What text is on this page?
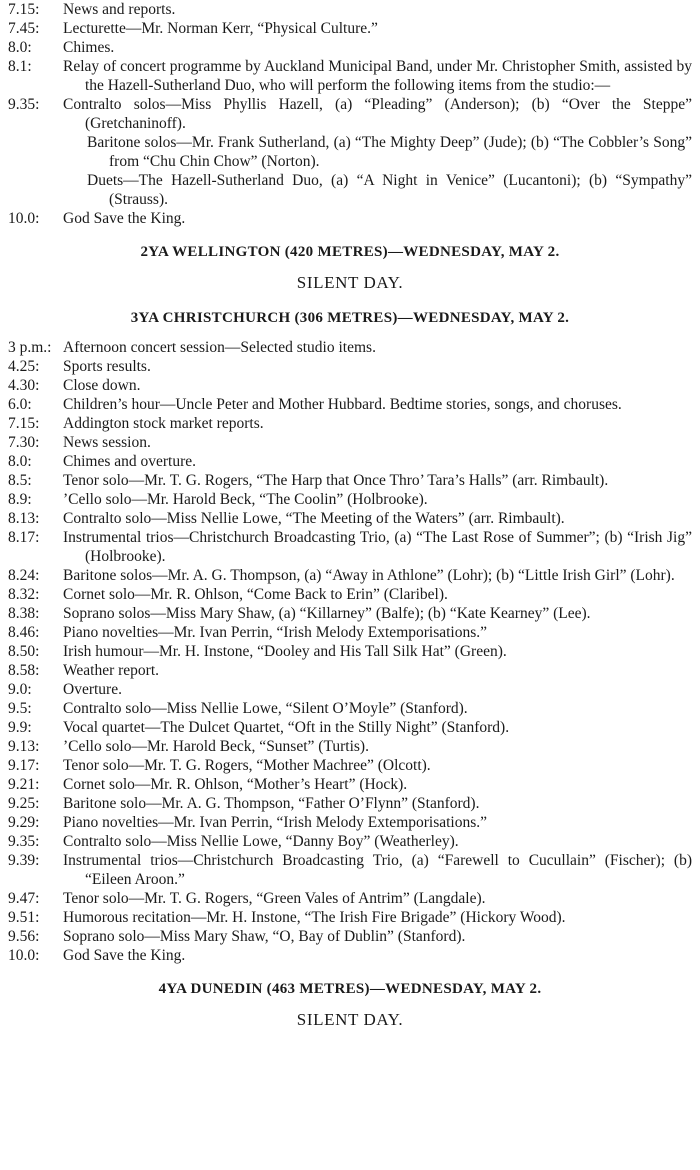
7.15:	News and reports.
7.45:	Lecturette—Mr. Norman Kerr, “Physical Culture.”
8.0:	Chimes.
8.1:	Relay of concert programme by Auckland Municipal Band, under Mr. Christopher Smith, assisted by the Hazell-Sutherland Duo, who will perform the following items from the studio:—
9.35:	Contralto solos—Miss Phyllis Hazell, (a) “Pleading” (Anderson); (b) “Over the Steppe” (Gretchaninoff).
Baritone solos—Mr. Frank Sutherland, (a) “The Mighty Deep” (Jude); (b) “The Cobbler’s Song” from “Chu Chin Chow” (Norton).
Duets—The Hazell-Sutherland Duo, (a) “A Night in Venice” (Lucantoni); (b) “Sympathy” (Strauss).
10.0:	God Save the King.
2YA WELLINGTON (420 METRES)—WEDNESDAY, MAY 2.
SILENT DAY.
3YA CHRISTCHURCH (306 METRES)—WEDNESDAY, MAY 2.
3 p.m.: Afternoon concert session—Selected studio items.
4.25:	Sports results.
4.30:	Close down.
6.0:	Children’s hour—Uncle Peter and Mother Hubbard. Bedtime stories, songs, and choruses.
7.15:	Addington stock market reports.
7.30:	News session.
8.0:	Chimes and overture.
8.5:	Tenor solo—Mr. T. G. Rogers, “The Harp that Once Thro’ Tara’s Halls” (arr. Rimbault).
8.9:	’Cello solo—Mr. Harold Beck, “The Coolin” (Holbrooke).
8.13:	Contralto solo—Miss Nellie Lowe, “The Meeting of the Waters” (arr. Rimbault).
8.17:	Instrumental trios—Christchurch Broadcasting Trio, (a) “The Last Rose of Summer”; (b) “Irish Jig” (Holbrooke).
8.24:	Baritone solos—Mr. A. G. Thompson, (a) “Away in Athlone” (Lohr); (b) “Little Irish Girl” (Lohr).
8.32:	Cornet solo—Mr. R. Ohlson, “Come Back to Erin” (Claribel).
8.38:	Soprano solos—Miss Mary Shaw, (a) “Killarney” (Balfe); (b) “Kate Kearney” (Lee).
8.46:	Piano novelties—Mr. Ivan Perrin, “Irish Melody Extemporisations.”
8.50:	Irish humour—Mr. H. Instone, “Dooley and His Tall Silk Hat” (Green).
8.58:	Weather report.
9.0:	Overture.
9.5:	Contralto solo—Miss Nellie Lowe, “Silent O’Moyle” (Stanford).
9.9:	Vocal quartet—The Dulcet Quartet, “Oft in the Stilly Night” (Stanford).
9.13:	’Cello solo—Mr. Harold Beck, “Sunset” (Turtis).
9.17:	Tenor solo—Mr. T. G. Rogers, “Mother Machree” (Olcott).
9.21:	Cornet solo—Mr. R. Ohlson, “Mother’s Heart” (Hock).
9.25:	Baritone solo—Mr. A. G. Thompson, “Father O’Flynn” (Stanford).
9.29:	Piano novelties—Mr. Ivan Perrin, “Irish Melody Extemporisations.”
9.35:	Contralto solo—Miss Nellie Lowe, “Danny Boy” (Weatherley).
9.39:	Instrumental trios—Christchurch Broadcasting Trio, (a) “Farewell to Cucullain” (Fischer); (b) “Eileen Aroon.”
9.47:	Tenor solo—Mr. T. G. Rogers, “Green Vales of Antrim” (Langdale).
9.51:	Humorous recitation—Mr. H. Instone, “The Irish Fire Brigade” (Hickory Wood).
9.56:	Soprano solo—Miss Mary Shaw, “O, Bay of Dublin” (Stanford).
10.0:	God Save the King.
4YA DUNEDIN (463 METRES)—WEDNESDAY, MAY 2.
SILENT DAY.
